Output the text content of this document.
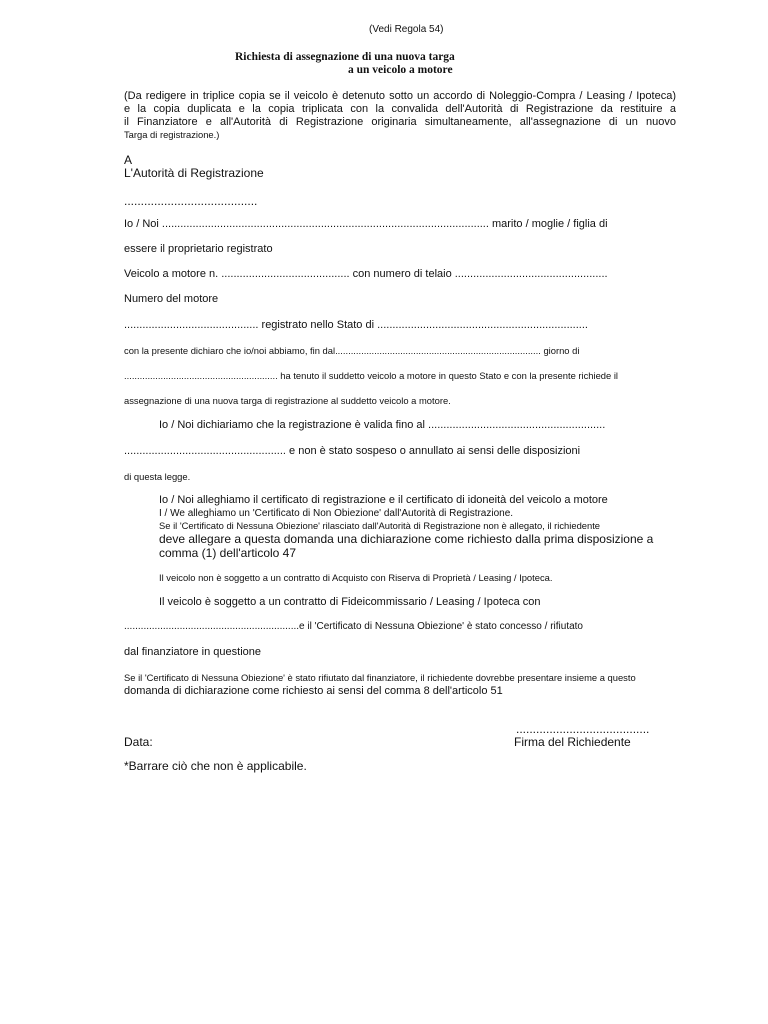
(Vedi Regola 54)
Richiesta di assegnazione di una nuova targa
a un veicolo a motore
(Da redigere in triplice copia se il veicolo è detenuto sotto un accordo di Noleggio-Compra / Leasing / Ipoteca)
e la copia duplicata e la copia triplicata con la convalida dell'Autorità di Registrazione da restituire a
il Finanziatore e all'Autorità di Registrazione originaria simultaneamente, all'assegnazione di un nuovo
Targa di registrazione.)
A
L'Autorità di Registrazione
........................................
Io / Noi ........................................................................................................... marito / moglie / figlia di
essere il proprietario registrato
Veicolo a motore n. .......................................... con numero di telaio ..................................................
Numero del motore
............................................ registrato nello Stato di .....................................................................
con la presente dichiaro che io/noi abbiamo, fin dal............................................................................... giorno di
........................................................... ha tenuto il suddetto veicolo a motore in questo Stato e con la presente richiede il
assegnazione di una nuova targa di registrazione al suddetto veicolo a motore.
Io / Noi dichiariamo che la registrazione è valida fino al ..........................................................
..................................................... e non è stato sospeso o annullato ai sensi delle disposizioni
di questa legge.
Io / Noi alleghiamo il certificato di registrazione e il certificato di idoneità del veicolo a motore
I / We alleghiamo un 'Certificato di Non Obiezione' dall'Autorità di Registrazione.
Se il 'Certificato di Nessuna Obiezione' rilasciato dall'Autorità di Registrazione non è allegato, il richiedente
deve allegare a questa domanda una dichiarazione come richiesto dalla prima disposizione a
comma (1) dell'articolo 47
Il veicolo non è soggetto a un contratto di Acquisto con Riserva di Proprietà / Leasing / Ipoteca.
Il veicolo è soggetto a un contratto di Fideicommissario / Leasing / Ipoteca con
...............................................................e il 'Certificato di Nessuna Obiezione' è stato concesso / rifiutato
dal finanziatore in questione
Se il 'Certificato di Nessuna Obiezione' è stato rifiutato dal finanziatore, il richiedente dovrebbe presentare insieme a questo
domanda di dichiarazione come richiesto ai sensi del comma 8 dell'articolo 51
........................................
Data:	Firma del Richiedente
*Barrare ciò che non è applicabile.
